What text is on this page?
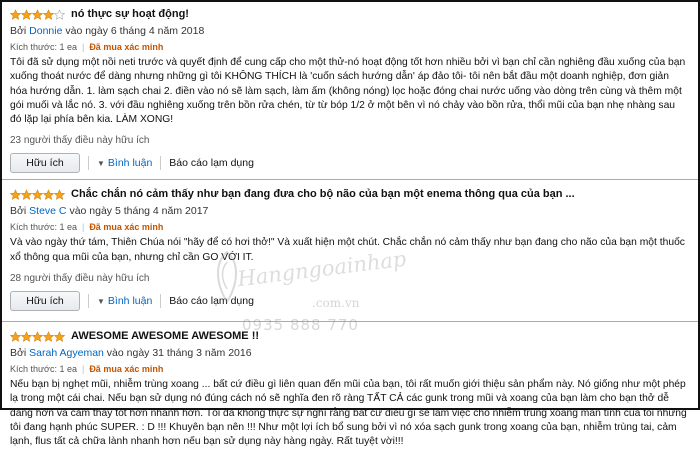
nó thực sự hoạt động!
Bởi Donnie vào ngày 6 tháng 4 năm 2018
Kích thước: 1 ea | Đã mua xác minh
Tôi đã sử dụng một nồi neti trước và quyết định để cung cấp cho một thử-nó hoạt động tốt hơn nhiều bởi vì bạn chỉ cần nghiêng đầu xuống của bạn xuống thoát nước để dàng nhưng những gì tôi KHÔNG THÍCH là 'cuốn sách hướng dẫn' áp đảo tôi- tôi nên bắt đầu một doanh nghiệp, đơn giản hóa hướng dẫn. 1. làm sạch chai 2. điền vào nó sẽ làm sạch, làm ấm (không nóng) lọc hoặc đóng chai nước uống vào dòng trên cùng và thêm một gói muối và lắc nó. 3. với đầu nghiêng xuống trên bồn rửa chén, từ từ bóp 1/2 ở một bên vì nó chảy vào bồn rửa, thổi mũi của bạn nhẹ nhàng sau đó lặp lại phía bên kia. LÀM XONG!
23 người thấy điều này hữu ích
Hữu ích	▼ Bình luận Báo cáo lạm dụng
Chắc chắn nó cảm thấy như bạn đang đưa cho bộ não của bạn một enema thông qua của bạn ...
Bởi Steve C vào ngày 5 tháng 4 năm 2017
Kích thước: 1 ea | Đã mua xác minh
Và vào ngày thứ tám, Thiên Chúa nói "hãy để có hơi thở!" Và xuất hiện một chút. Chắc chắn nó cảm thấy như bạn đang cho não của bạn một thuốc xổ thông qua mũi của bạn, nhưng chỉ cần GO VỚI IT.
28 người thấy điều này hữu ích
Hữu ích	▼ Bình luận Báo cáo lạm dụng
AWESOME AWESOME AWESOME !!
Bởi Sarah Agyeman vào ngày 31 tháng 3 năm 2016
Kích thước: 1 ea | Đã mua xác minh
Nếu bạn bị nghẹt mũi, nhiễm trùng xoang ... bất cứ điều gì liên quan đến mũi của bạn, tôi rất muốn giới thiệu sản phẩm này. Nó giống như một phép lạ trong một cái chai. Nếu bạn sử dụng nó đúng cách nó sẽ nghĩa đen rõ ràng TẤT CẢ các gunk trong mũi và xoang của bạn làm cho bạn thở dễ dàng hơn và cảm thấy tốt hơn nhanh hơn. Tôi đã không thực sự nghĩ rằng bất cứ điều gì sẽ làm việc cho nhiễm trùng xoang mãn tính của tôi nhưng tôi đang hạnh phúc SUPER. : D !!! Khuyên bạn nên !!! Như một lợi ích bổ sung bởi vì nó xóa sạch gunk trong xoang của bạn, nhiễm trùng tai, cảm lạnh, flus tất cả chữa lành nhanh hơn nếu bạn sử dụng này hàng ngày. Rất tuyệt vời!!!
Hangngoainhap
.com.vn
0935 888 770
